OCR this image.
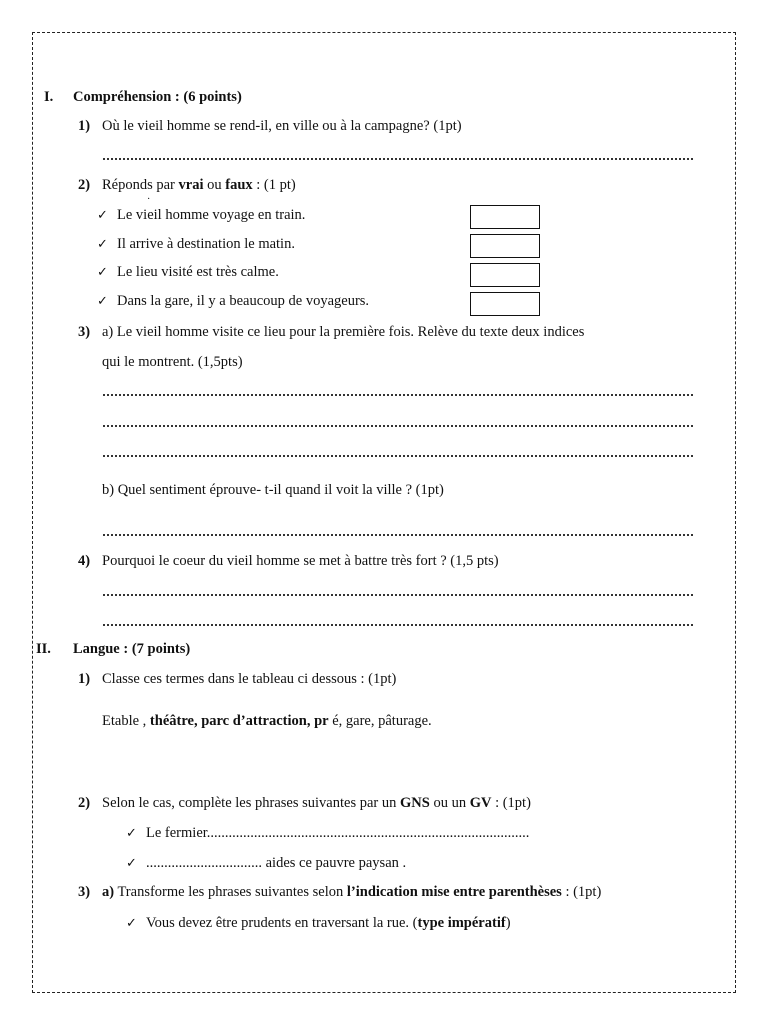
I. Compréhension : (6 points)
1) Où le vieil homme se rend-il, en ville ou à la campagne? (1pt)
2) Réponds par vrai ou faux : (1 pt)
·
✓ Le vieil homme voyage en train.
✓ Il arrive à destination le matin.
✓ Le lieu visité est très calme.
✓ Dans la gare, il y a beaucoup de voyageurs.
3) a) Le vieil homme visite ce lieu pour la première fois. Relève du texte deux indices
qui le montrent. (1,5pts)
b) Quel sentiment éprouve- t-il quand il voit la ville ? (1pt)
4) Pourquoi le coeur du vieil homme se met à battre très fort ? (1,5 pts)
II. Langue : (7 points)
1) Classe ces termes dans le tableau ci dessous : (1pt)
Etable , théâtre, parc d’attraction, pr é, gare, pâturage.
2) Selon le cas, complète les phrases suivantes par un GNS ou un GV : (1pt)
✓ Le fermier.........................................................................................
✓ ................................ aides ce pauvre paysan .
3) a) Transforme les phrases suivantes selon l’indication mise entre parenthèses : (1pt)
✓ Vous devez être prudents en traversant la rue. (type impératif)
